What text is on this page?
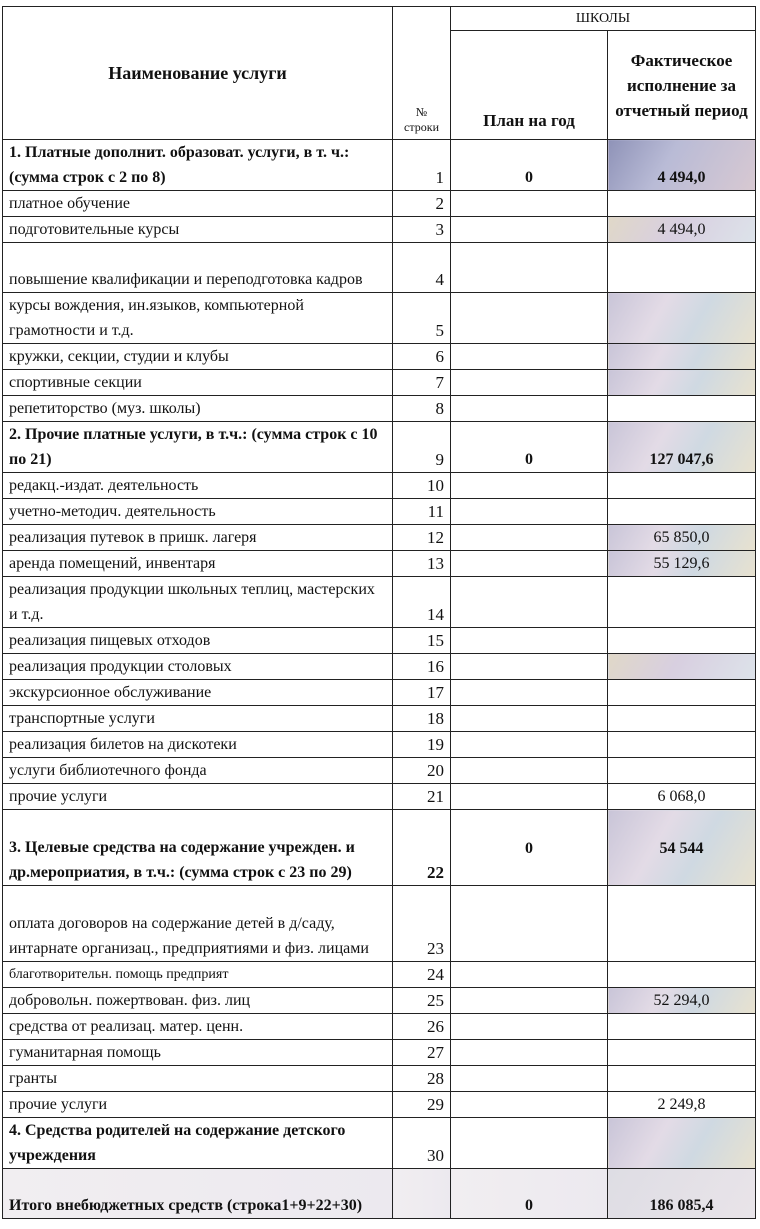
Наименование услуги	№ строки	ШКОЛЫ	
		План на год	Фактическое исполнение за отчетный период
1. Платные дополнит. образоват. услуги, в т. ч.:(сумма строк с 2 по 8)	1	0	4 494,0
платное обучение	2		
подготовительные курсы	3		4 494,0
повышение квалификации и переподготовка кадров	4		
курсы вождения, ин.языков, компьютерной грамотности и т.д.	5		
кружки, секции, студии и клубы	6		
спортивные секции	7		
репетиторство (муз. школы)	8		
2. Прочие платные услуги, в т.ч.: (сумма строк с 10 по 21)	9	0	127 047,6
редакц.-издат. деятельность	10		
учетно-методич. деятельность	11		
реализация путевок в пришк. лагеря	12		65 850,0
аренда помещений, инвентаря	13		55 129,6
реализация продукции школьных теплиц, мастерских и т.д.	14		
реализация пищевых отходов	15		
реализация продукции столовых	16		
экскурсионное обслуживание	17		
транспортные услуги	18		
реализация билетов на дискотеки	19		
услуги библиотечного фонда	20		
прочие услуги	21		6 068,0
3. Целевые средства на содержание учрежден. и др.мероприатия, в т.ч.: (сумма строк с 23 по 29)	22	0	54 544
оплата договоров на содержание детей в д/саду, интарнате организац., предприятиями и физ. лицами	23		
благотворительн. помощь предприят	24		
добровольн. пожертвован. физ. лиц	25		52 294,0
средства от реализац. матер. ценн.	26		
гуманитарная помощь	27		
гранты	28		
прочие услуги	29		2 249,8
4. Средства родителей на содержание детского учреждения	30		
Итого внебюджетных средств (строка1+9+22+30)		0	186 085,4
